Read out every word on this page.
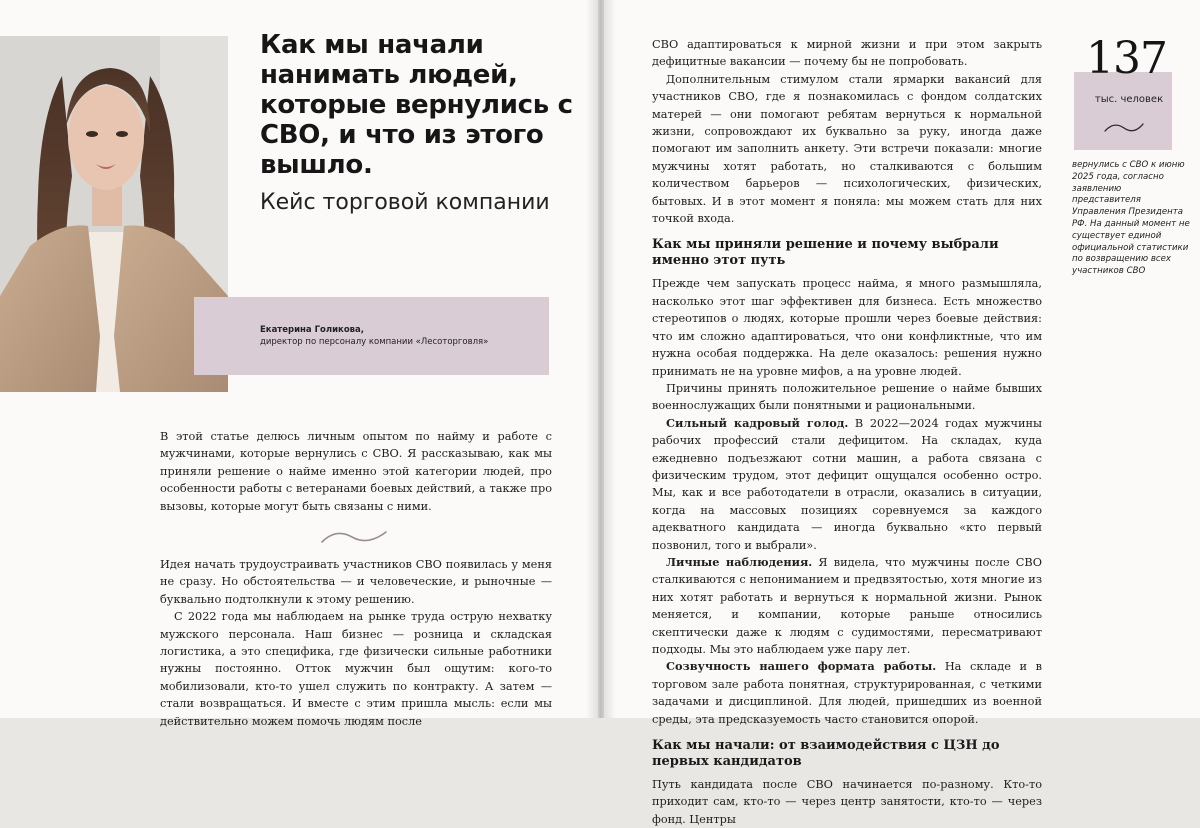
Как мы начали нанимать людей, которые вернулись с СВО, и что из этого вышло.
Кейс торговой компании
Екатерина Голикова,
директор по персоналу компании «Лесоторговля»

В этой статье делюсь личным опытом по найму и работе с мужчинами, которые вернулись с СВО. Я рассказываю, как мы приняли решение о найме именно этой категории людей, про особенности работы с ветеранами боевых действий, а также про вызовы, которые могут быть связаны с ними.

Идея начать трудоустраивать участников СВО появилась у меня не сразу. Но обстоятельства — и человеческие, и рыночные — буквально подтолкнули к этому решению.

С 2022 года мы наблюдаем на рынке труда острую нехватку мужского персонала. Наш бизнес — розница и складская логистика, а это специфика, где физически сильные работники нужны постоянно. Отток мужчин был ощутим: кого-то мобилизовали, кто-то ушел служить по контракту. А затем — стали возвращаться. И вместе с этим пришла мысль: если мы действительно можем помочь людям после

СВО адаптироваться к мирной жизни и при этом закрыть дефицитные вакансии — почему бы не попробовать.

Дополнительным стимулом стали ярмарки вакансий для участников СВО, где я познакомилась с фондом солдатских матерей — они помогают ребятам вернуться к нормальной жизни, сопровождают их буквально за руку, иногда даже помогают им заполнить анкету. Эти встречи показали: многие мужчины хотят работать, но сталкиваются с большим количеством барьеров — психологических, физических, бытовых. И в этот момент я поняла: мы можем стать для них точкой входа.

Как мы приняли решение и почему выбрали именно этот путь

Прежде чем запускать процесс найма, я много размышляла, насколько этот шаг эффективен для бизнеса. Есть множество стереотипов о людях, которые прошли через боевые действия: что им сложно адаптироваться, что они конфликтные, что им нужна особая поддержка. На деле оказалось: решения нужно принимать не на уровне мифов, а на уровне людей.

Причины принять положительное решение о найме бывших военнослужащих были понятными и рациональными.

Сильный кадровый голод. В 2022—2024 годах мужчины рабочих профессий стали дефицитом. На складах, куда ежедневно подъезжают сотни машин, а работа связана с физическим трудом, этот дефицит ощущался особенно остро. Мы, как и все работодатели в отрасли, оказались в ситуации, когда на массовых позициях соревнуемся за каждого адекватного кандидата — иногда буквально «кто первый позвонил, того и выбрали».

Личные наблюдения. Я видела, что мужчины после СВО сталкиваются с непониманием и предвзятостью, хотя многие из них хотят работать и вернуться к нормальной жизни. Рынок меняется, и компании, которые раньше относились скептически даже к людям с судимостями, пересматривают подходы. Мы это наблюдаем уже пару лет.

Созвучность нашего формата работы. На складе и в торговом зале работа понятная, структурированная, с четкими задачами и дисциплиной. Для людей, пришедших из военной среды, эта предсказуемость часто становится опорой.

Как мы начали: от взаимодействия с ЦЗН до первых кандидатов

Путь кандидата после СВО начинается по-разному. Кто-то приходит сам, кто-то — через центр занятости, кто-то — через фонд. Центры

137
тыс. человек

вернулись с СВО к июню 2025 года, согласно заявлению представителя Управления Президента РФ. На данный момент не существует единой официальной статистики по возвращению всех участников СВО
